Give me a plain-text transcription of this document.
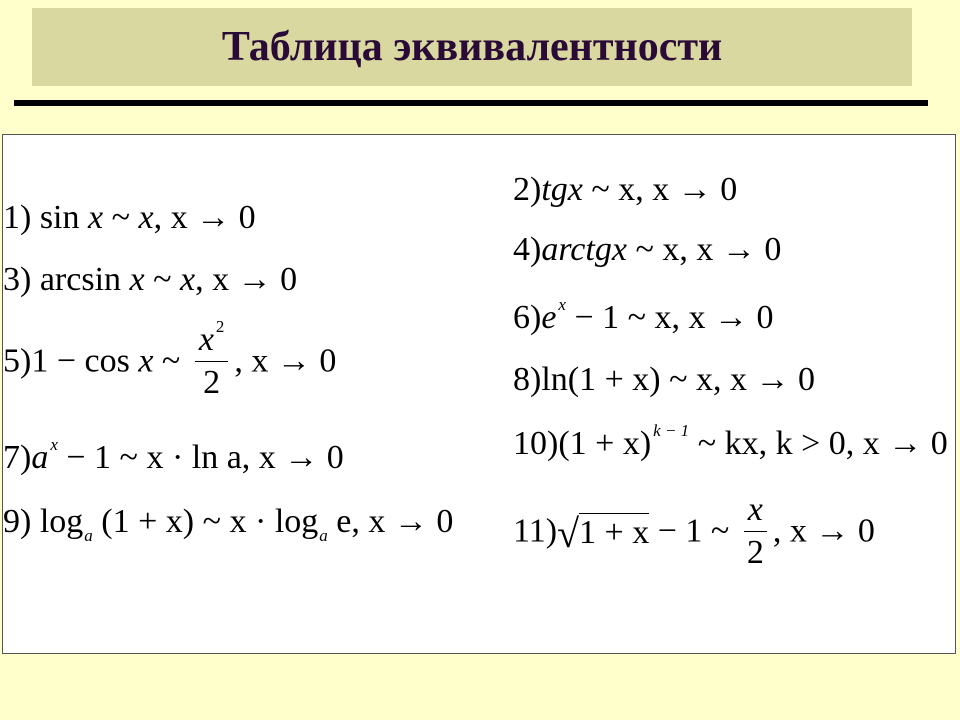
Таблица эквивалентности
1) sin x ~ x, x → 0
3) arcsin x ~ x, x → 0
5)1 − cos x ~ $\frac{x ^2}{2}$ , x → 0
7)a $^x$ − 1 ~ x · ln a, x → 0
9) $\log_a (1 + x)$ ~ $x \cdot \log_a e$, x → 0
2)tgx ~ x, x → 0
4)arctgx ~ x, x → 0
6)e $^x$ − 1 ~ x, x → 0
8)ln(1 + x) ~ x, x → 0
10)(1 + x) $^{k - 1}$ ~ kx, k > 0, x → 0
11)√1 + x − 1 ~ $\frac{x}{2}$ , x → 0
